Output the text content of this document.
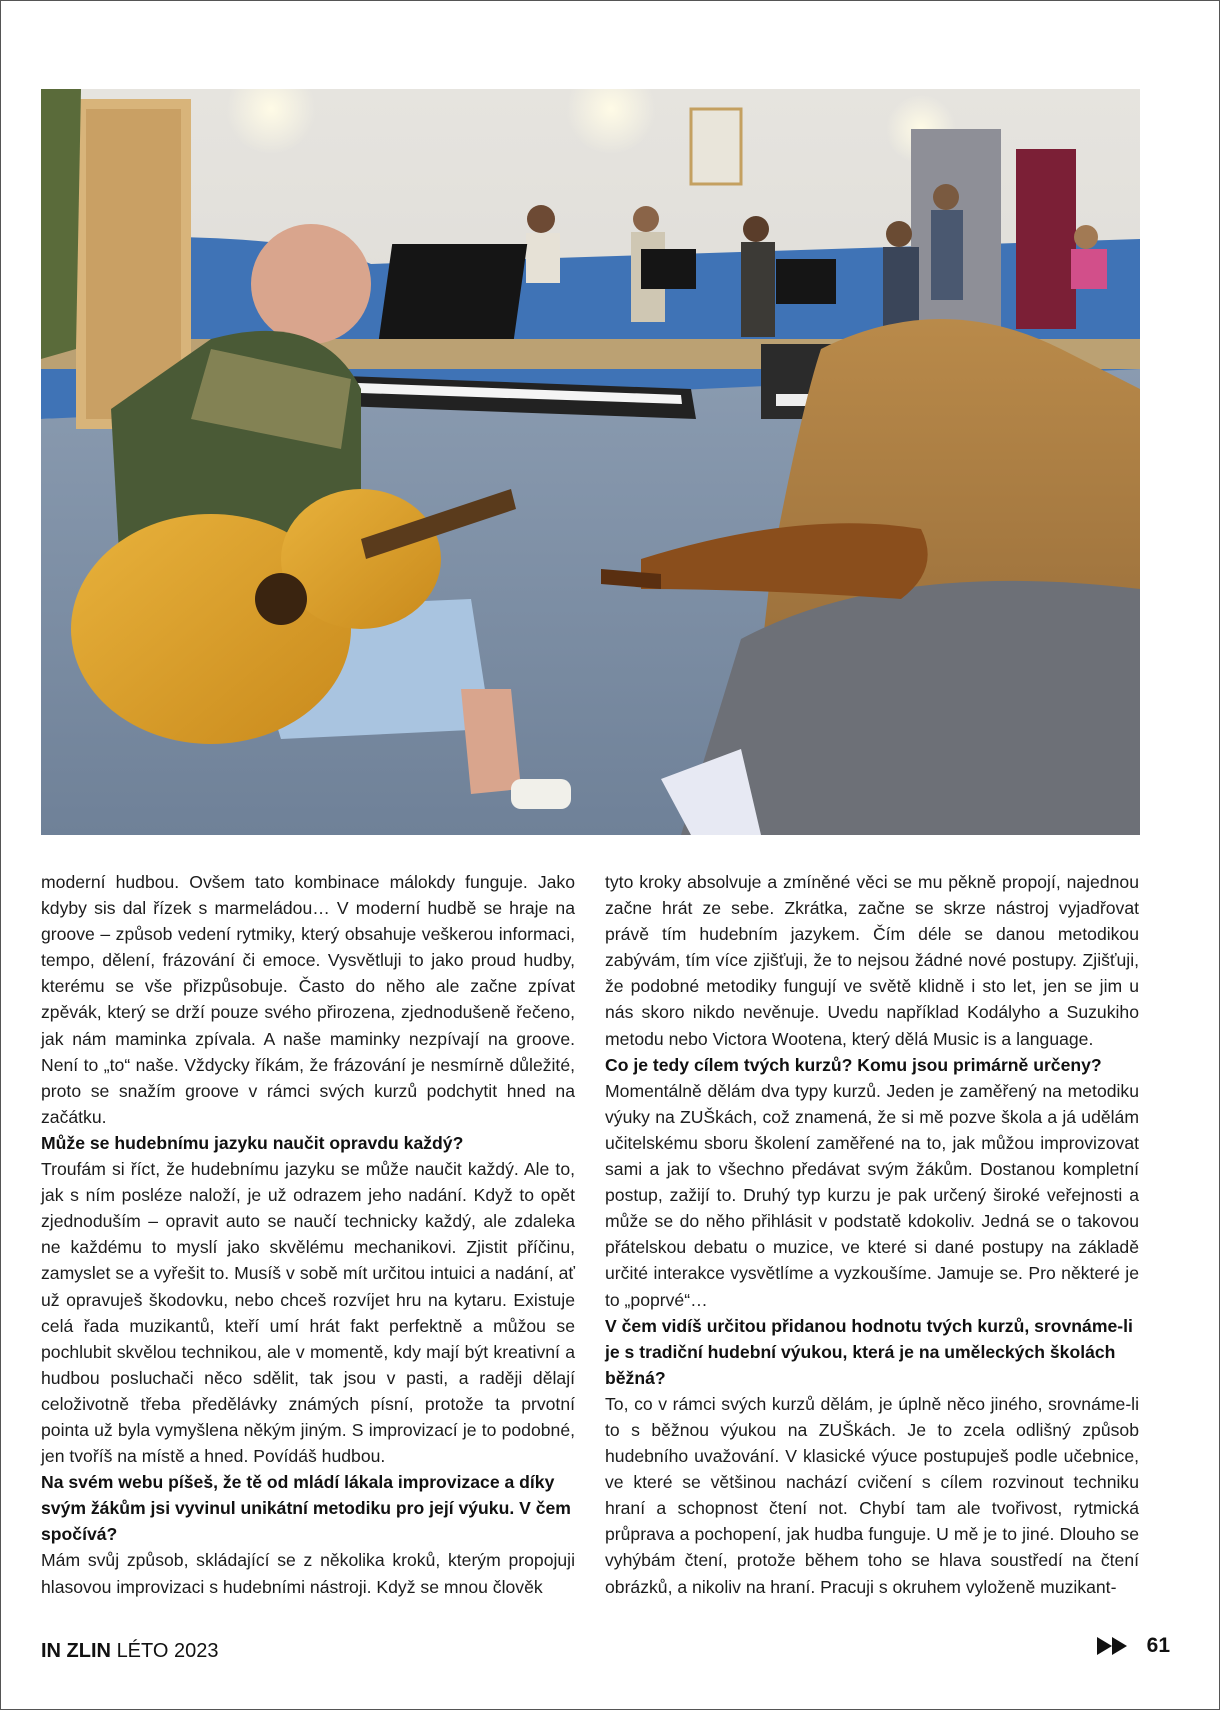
moderní hudbou. Ovšem tato kombinace málokdy funguje. Jako kdyby sis dal řízek s marmeládou… V moderní hudbě se hraje na groove – způsob vedení rytmiky, který obsahuje veškerou informaci, tempo, dělení, frázování či emoce. Vysvětluji to jako proud hudby, kterému se vše přizpůsobuje. Často do něho ale začne zpívat zpěvák, který se drží pouze svého přirozena, zjednodušeně řečeno, jak nám maminka zpívala. A naše maminky nezpívají na groove. Není to „to“ naše. Vždycky říkám, že frázování je nesmírně důležité, proto se snažím groove v rámci svých kurzů podchytit hned na začátku.

Může se hudebnímu jazyku naučit opravdu každý?

Troufám si říct, že hudebnímu jazyku se může naučit každý. Ale to, jak s ním posléze naloží, je už odrazem jeho nadání. Když to opět zjednoduším – opravit auto se naučí technicky každý, ale zdaleka ne každému to myslí jako skvělému mechanikovi. Zjistit příčinu, zamyslet se a vyřešit to. Musíš v sobě mít určitou intuici a nadání, ať už opravuješ škodovku, nebo chceš rozvíjet hru na kytaru. Existuje celá řada muzikantů, kteří umí hrát fakt perfektně a můžou se pochlubit skvělou technikou, ale v momentě, kdy mají být kreativní a hudbou posluchači něco sdělit, tak jsou v pasti, a raději dělají celoživotně třeba předělávky známých písní, protože ta prvotní pointa už byla vymyšlena někým jiným. S improvizací je to podobné, jen tvoříš na místě a hned. Povídáš hudbou.

Na svém webu píšeš, že tě od mládí lákala improvizace a díky svým žákům jsi vyvinul unikátní metodiku pro její výuku. V čem spočívá?

Mám svůj způsob, skládající se z několika kroků, kterým propojuji hlasovou improvizaci s hudebními nástroji. Když se mnou člověk

tyto kroky absolvuje a zmíněné věci se mu pěkně propojí, najednou začne hrát ze sebe. Zkrátka, začne se skrze nástroj vyjadřovat právě tím hudebním jazykem. Čím déle se danou metodikou zabývám, tím více zjišťuji, že to nejsou žádné nové postupy. Zjišťuji, že podobné metodiky fungují ve světě klidně i sto let, jen se jim u nás skoro nikdo nevěnuje. Uvedu například Kodályho a Suzukiho metodu nebo Victora Wootena, který dělá Music is a language.

Co je tedy cílem tvých kurzů? Komu jsou primárně určeny?

Momentálně dělám dva typy kurzů. Jeden je zaměřený na metodiku výuky na ZUŠkách, což znamená, že si mě pozve škola a já udělám učitelskému sboru školení zaměřené na to, jak můžou improvizovat sami a jak to všechno předávat svým žákům. Dostanou kompletní postup, zažijí to. Druhý typ kurzu je pak určený široké veřejnosti a může se do něho přihlásit v podstatě kdokoliv. Jedná se o takovou přátelskou debatu o muzice, ve které si dané postupy na základě určité interakce vysvětlíme a vyzkoušíme. Jamuje se. Pro některé je to „poprvé“…

V čem vidíš určitou přidanou hodnotu tvých kurzů, srovnáme-li je s tradiční hudební výukou, která je na uměleckých školách běžná?

To, co v rámci svých kurzů dělám, je úplně něco jiného, srovnáme-li to s běžnou výukou na ZUŠkách. Je to zcela odlišný způsob hudebního uvažování. V klasické výuce postupuješ podle učebnice, ve které se většinou nachází cvičení s cílem rozvinout techniku hraní a schopnost čtení not. Chybí tam ale tvořivost, rytmická průprava a pochopení, jak hudba funguje. U mě je to jiné. Dlouho se vyhýbám čtení, protože během toho se hlava soustředí na čtení obrázků, a nikoliv na hraní. Pracuji s okruhem vyloženě muzikant-

IN ZLIN LÉTO 2023	61
